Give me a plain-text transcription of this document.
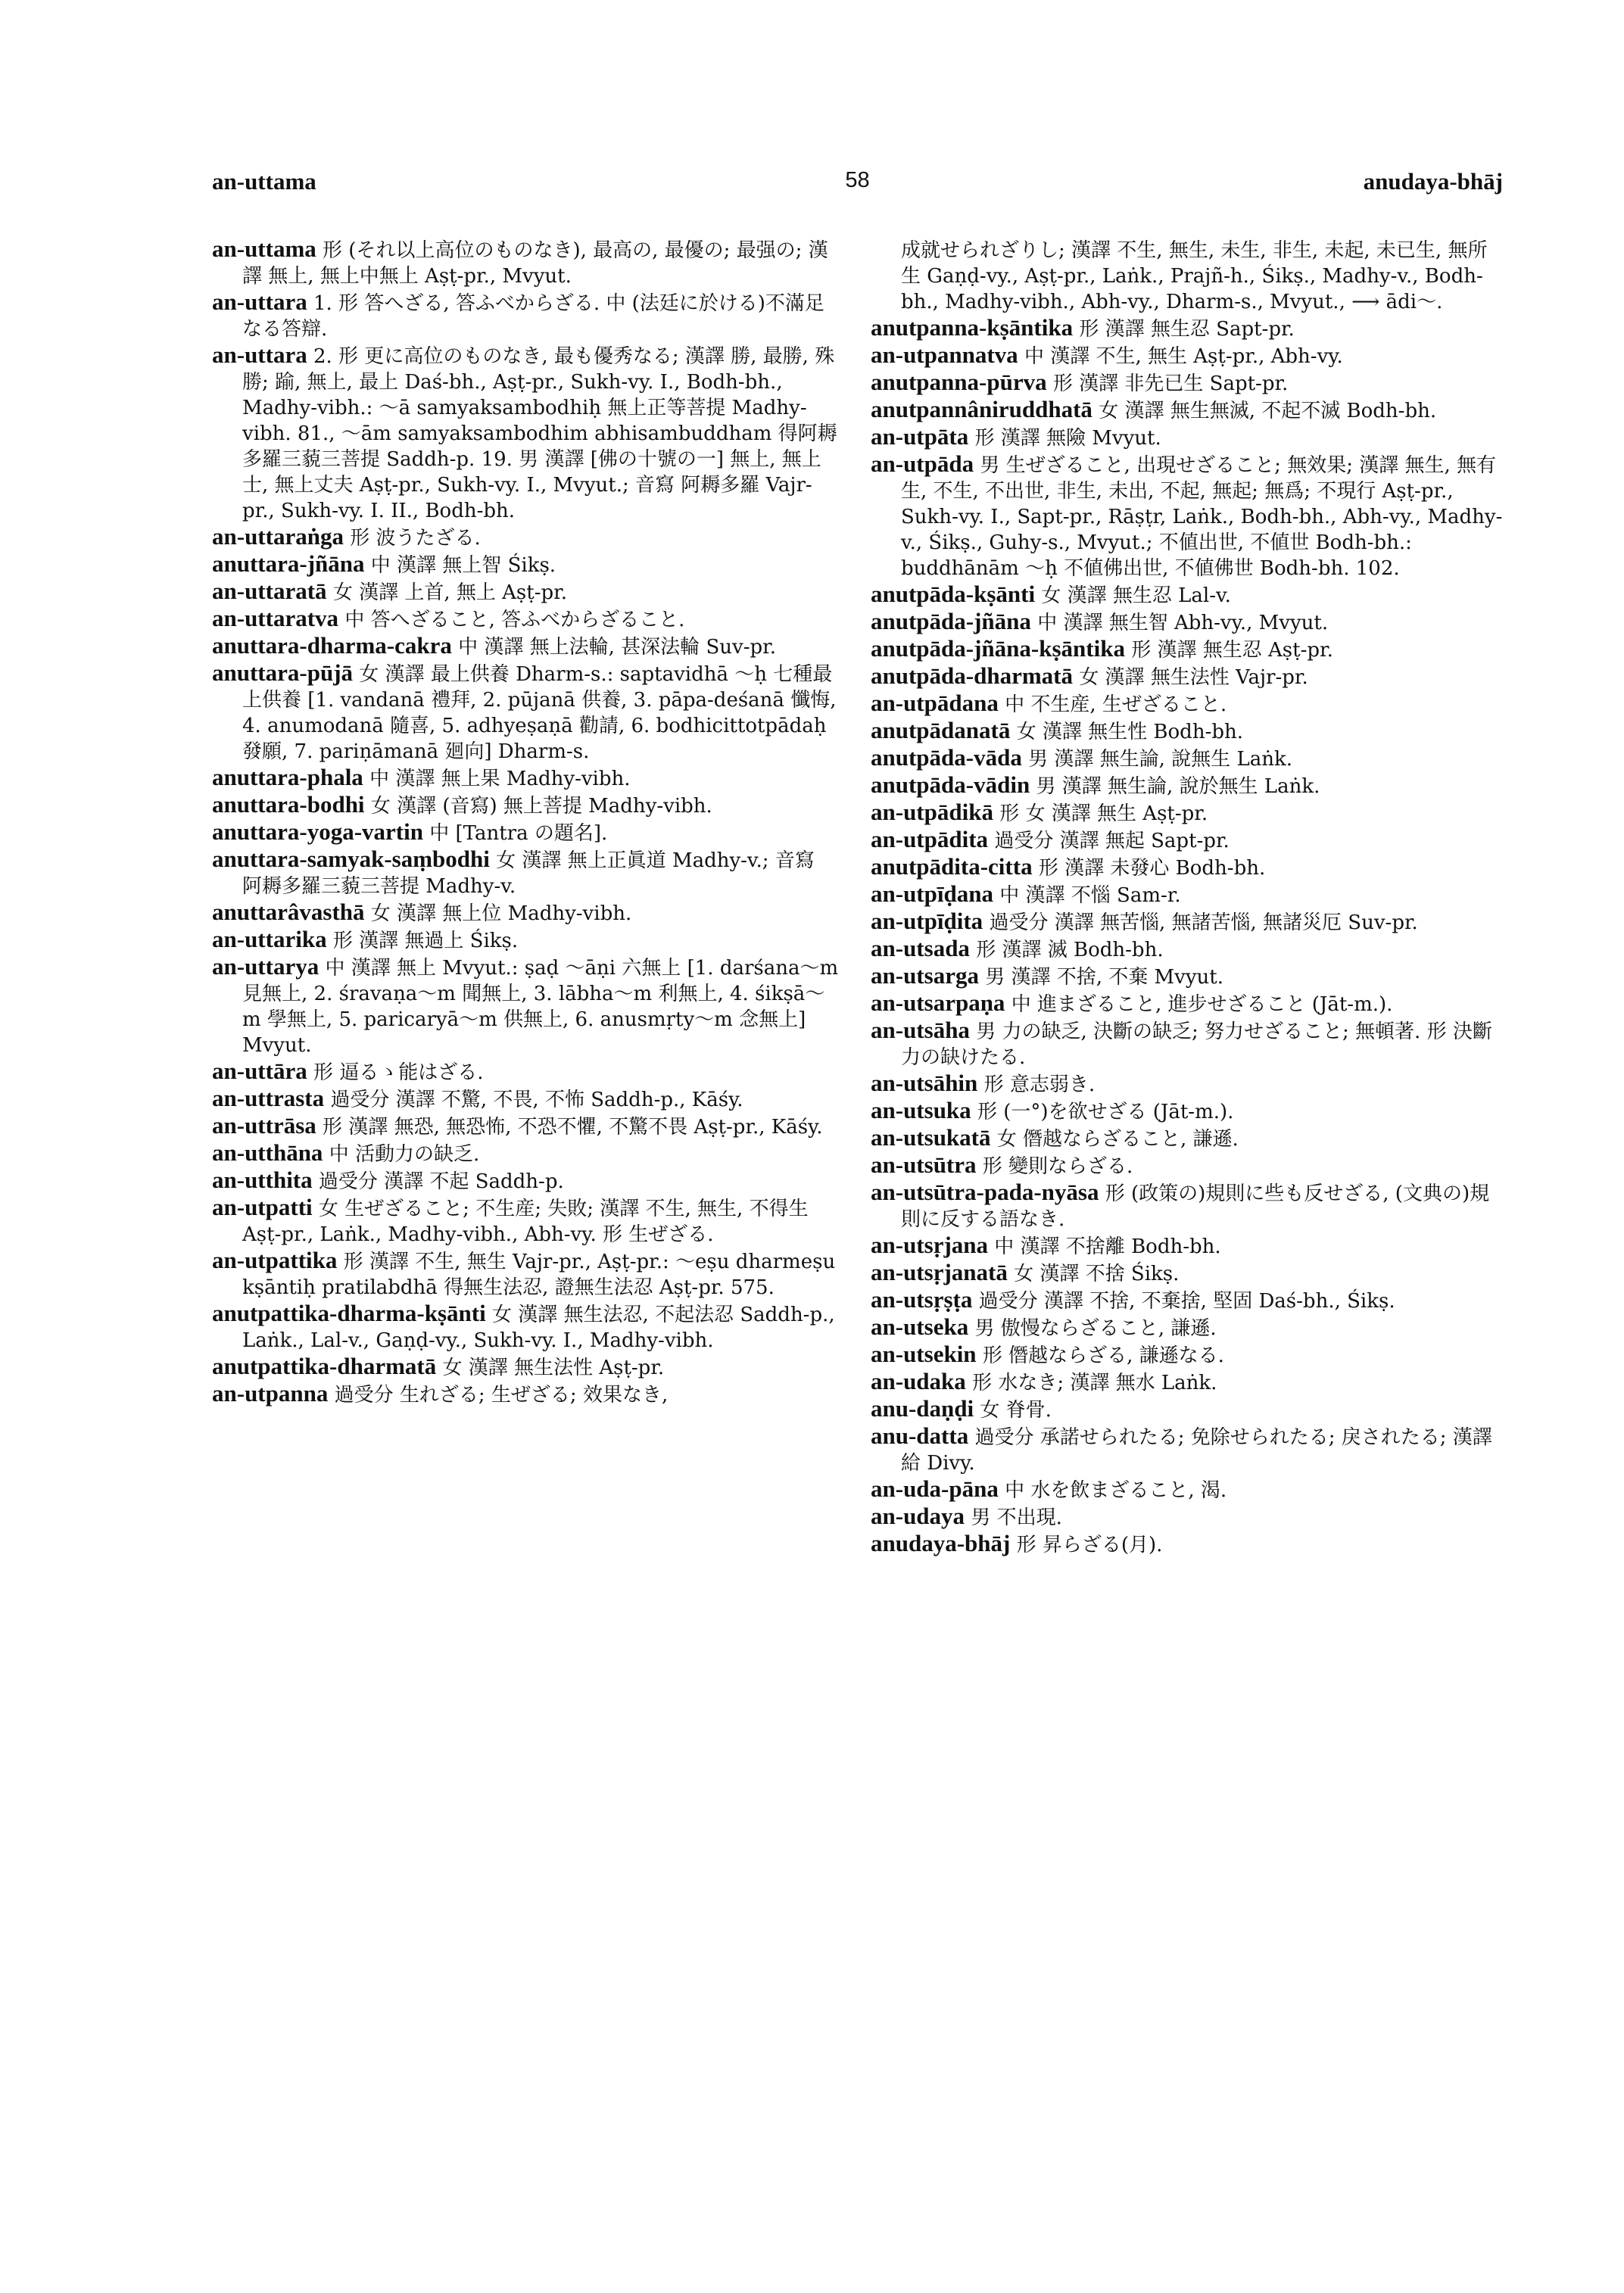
an-uttama	58	anudaya-bhāj

an-uttama 形 (それ以上高位のものなき), 最高の, 最優の; 最强の; 漢譯 無上, 無上中無上 Aṣṭ-pr., Mvyut.

an-uttara 1. 形 答へざる, 答ふべからざる. 中 (法廷に於ける)不滿足なる答辯.

an-uttara 2. 形 更に高位のものなき, 最も優秀なる; 漢譯 勝, 最勝, 殊勝; 踰, 無上, 最上 Daś-bh., Aṣṭ-pr., Sukh-vy. I., Bodh-bh., Madhy-vibh.: 〜ā samyaksambodhiḥ 無上正等菩提 Madhy-vibh. 81., 〜ām samyaksambodhim abhisambuddham 得阿耨多羅三藐三菩提 Saddh-p. 19. 男 漢譯 [佛の十號の一] 無上, 無上士, 無上丈夫 Aṣṭ-pr., Sukh-vy. I., Mvyut.; 音寫 阿耨多羅 Vajr-pr., Sukh-vy. I. II., Bodh-bh.

an-uttaraṅga 形 波うたざる.

anuttara-jñāna 中 漢譯 無上智 Śikṣ.

an-uttaratā 女 漢譯 上首, 無上 Aṣṭ-pr.

an-uttaratva 中 答へざること, 答ふべからざること.

anuttara-dharma-cakra 中 漢譯 無上法輪, 甚深法輪 Suv-pr.

anuttara-pūjā 女 漢譯 最上供養 Dharm-s.: saptavidhā 〜ḥ 七種最上供養 [1. vandanā 禮拜, 2. pūjanā 供養, 3. pāpa-deśanā 懺悔, 4. anumodanā 隨喜, 5. adhyeṣaṇā 勸請, 6. bodhicittotpādaḥ 發願, 7. pariṇāmanā 廻向] Dharm-s.

anuttara-phala 中 漢譯 無上果 Madhy-vibh.

anuttara-bodhi 女 漢譯 (音寫) 無上菩提 Madhy-vibh.

anuttara-yoga-vartin 中 [Tantra の題名].

anuttara-samyak-saṃbodhi 女 漢譯 無上正眞道 Madhy-v.; 音寫 阿耨多羅三藐三菩提 Madhy-v.

anuttarâvasthā 女 漢譯 無上位 Madhy-vibh.

an-uttarika 形 漢譯 無過上 Śikṣ.

an-uttarya 中 漢譯 無上 Mvyut.: ṣaḍ 〜āṇi 六無上 [1. darśana〜m 見無上, 2. śravaṇa〜m 聞無上, 3. lābha〜m 利無上, 4. śikṣā〜m 學無上, 5. paricaryā〜m 供無上, 6. anusmṛty〜m 念無上] Mvyut.

an-uttāra 形 逼るゝ能はざる.

an-uttrasta 過受分 漢譯 不驚, 不畏, 不怖 Saddh-p., Kāśy.

an-uttrāsa 形 漢譯 無恐, 無恐怖, 不恐不懼, 不驚不畏 Aṣṭ-pr., Kāśy.

an-utthāna 中 活動力の缺乏.

an-utthita 過受分 漢譯 不起 Saddh-p.

an-utpatti 女 生ぜざること; 不生産; 失敗; 漢譯 不生, 無生, 不得生 Aṣṭ-pr., Laṅk., Madhy-vibh., Abh-vy. 形 生ぜざる.

an-utpattika 形 漢譯 不生, 無生 Vajr-pr., Aṣṭ-pr.: 〜eṣu dharmeṣu kṣāntiḥ pratilabdhā 得無生法忍, 證無生法忍 Aṣṭ-pr. 575.

anutpattika-dharma-kṣānti 女 漢譯 無生法忍, 不起法忍 Saddh-p., Laṅk., Lal-v., Gaṇḍ-vy., Sukh-vy. I., Madhy-vibh.

anutpattika-dharmatā 女 漢譯 無生法性 Aṣṭ-pr.

an-utpanna 過受分 生れざる; 生ぜざる; 效果なき,

成就せられざりし; 漢譯 不生, 無生, 未生, 非生, 未起, 未已生, 無所生 Gaṇḍ-vy., Aṣṭ-pr., Laṅk., Prajñ-h., Śikṣ., Madhy-v., Bodh-bh., Madhy-vibh., Abh-vy., Dharm-s., Mvyut., ⟶ ādi〜.

anutpanna-kṣāntika 形 漢譯 無生忍 Sapt-pr.

an-utpannatva 中 漢譯 不生, 無生 Aṣṭ-pr., Abh-vy.

anutpanna-pūrva 形 漢譯 非先已生 Sapt-pr.

anutpannâniruddhatā 女 漢譯 無生無滅, 不起不滅 Bodh-bh.

an-utpāta 形 漢譯 無險 Mvyut.

an-utpāda 男 生ぜざること, 出現せざること; 無效果; 漢譯 無生, 無有生, 不生, 不出世, 非生, 未出, 不起, 無起; 無爲; 不現行 Aṣṭ-pr., Sukh-vy. I., Sapt-pr., Rāṣṭr, Laṅk., Bodh-bh., Abh-vy., Madhy-v., Śikṣ., Guhy-s., Mvyut.; 不値出世, 不値世 Bodh-bh.: buddhānām 〜ḥ 不値佛出世, 不値佛世 Bodh-bh. 102.

anutpāda-kṣānti 女 漢譯 無生忍 Lal-v.

anutpāda-jñāna 中 漢譯 無生智 Abh-vy., Mvyut.

anutpāda-jñāna-kṣāntika 形 漢譯 無生忍 Aṣṭ-pr.

anutpāda-dharmatā 女 漢譯 無生法性 Vajr-pr.

an-utpādana 中 不生産, 生ぜざること.

anutpādanatā 女 漢譯 無生性 Bodh-bh.

anutpāda-vāda 男 漢譯 無生論, 說無生 Laṅk.

anutpāda-vādin 男 漢譯 無生論, 說於無生 Laṅk.

an-utpādikā 形 女 漢譯 無生 Aṣṭ-pr.

an-utpādita 過受分 漢譯 無起 Sapt-pr.

anutpādita-citta 形 漢譯 未發心 Bodh-bh.

an-utpīḍana 中 漢譯 不惱 Sam-r.

an-utpīḍita 過受分 漢譯 無苦惱, 無諸苦惱, 無諸災厄 Suv-pr.

an-utsada 形 漢譯 滅 Bodh-bh.

an-utsarga 男 漢譯 不捨, 不棄 Mvyut.

an-utsarpaṇa 中 進まざること, 進步せざること (Jāt-m.).

an-utsāha 男 力の缺乏, 決斷の缺乏; 努力せざること; 無頓著. 形 決斷力の缺けたる.

an-utsāhin 形 意志弱き.

an-utsuka 形 (一°)を欲せざる (Jāt-m.).

an-utsukatā 女 僭越ならざること, 謙遜.

an-utsūtra 形 變則ならざる.

an-utsūtra-pada-nyāsa 形 (政策の)規則に些も反せざる, (文典の)規則に反する語なき.

an-utsṛjana 中 漢譯 不捨離 Bodh-bh.

an-utsṛjanatā 女 漢譯 不捨 Śikṣ.

an-utsṛṣṭa 過受分 漢譯 不捨, 不棄捨, 堅固 Daś-bh., Śikṣ.

an-utseka 男 傲慢ならざること, 謙遜.

an-utsekin 形 僭越ならざる, 謙遜なる.

an-udaka 形 水なき; 漢譯 無水 Laṅk.

anu-daṇḍi 女 脊骨.

anu-datta 過受分 承諾せられたる; 免除せられたる; 戾されたる; 漢譯 給 Divy.

an-uda-pāna 中 水を飲まざること, 渴.

an-udaya 男 不出現.

anudaya-bhāj 形 昇らざる(月).
